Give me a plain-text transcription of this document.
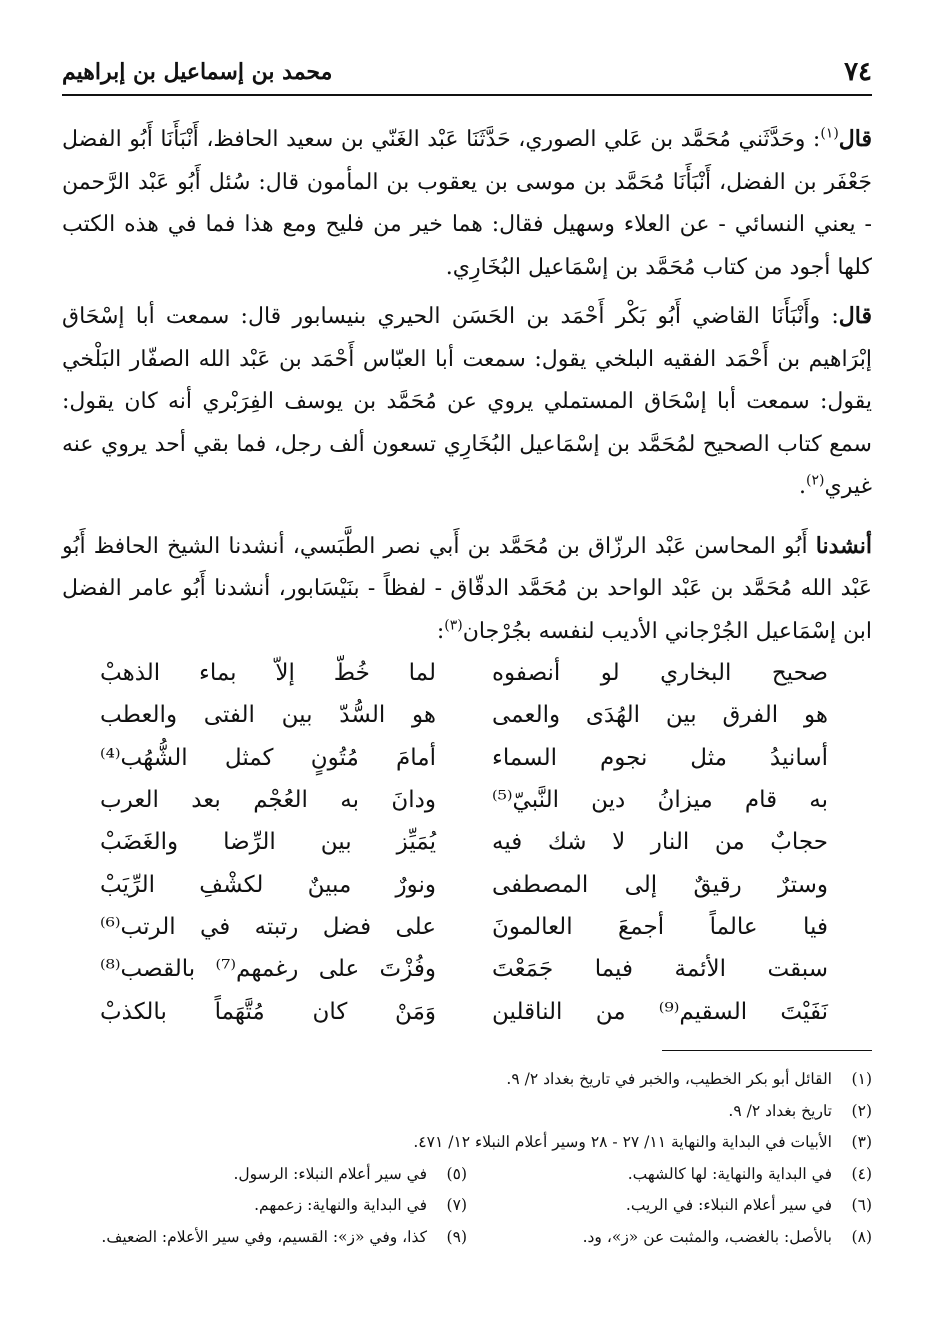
٧٤
محمد بن إسماعيل بن إبراهيم

قال$^{(١)}$: وحَدَّثَني مُحَمَّد بن عَلي الصوري، حَدَّثَنَا عَبْد الغَنّي بن سعيد الحافظ، أَنْبَأَنَا أَبُو الفضل جَعْفَر بن الفضل، أَنْبَأَنَا مُحَمَّد بن موسى بن يعقوب بن المأمون قال: سُئل أَبُو عَبْد الرَّحمن - يعني النسائي - عن العلاء وسهيل فقال: هما خير من فليح ومع هذا فما في هذه الكتب كلها أجود من كتاب مُحَمَّد بن إسْمَاعيل البُخَارِي.

قال: وأَنْبَأَنَا القاضي أَبُو بَكْر أَحْمَد بن الحَسَن الحيري بنيسابور قال: سمعت أبا إسْحَاق إبْرَاهيم بن أَحْمَد الفقيه البلخي يقول: سمعت أبا العبّاس أَحْمَد بن عَبْد الله الصفّار البَلْخي يقول: سمعت أبا إسْحَاق المستملي يروي عن مُحَمَّد بن يوسف الفِرَبْري أنه كان يقول: سمع كتاب الصحيح لمُحَمَّد بن إسْمَاعيل البُخَارِي تسعون ألف رجل، فما بقي أحد يروي عنه غيري$^{(٢)}$.

أنشدنا أَبُو المحاسن عَبْد الرزّاق بن مُحَمَّد بن أَبي نصر الطَّبَسي، أنشدنا الشيخ الحافظ أَبُو عَبْد الله مُحَمَّد بن عَبْد الواحد بن مُحَمَّد الدقّاق - لفظاً - بنَيْسَابور، أنشدنا أَبُو عامر الفضل ابن إسْمَاعيل الجُرْجاني الأديب لنفسه بجُرْجان$^{(٣)}$:

صحيح البخاري لو أنصفوه
لما خُطّ إلاّ بماء الذهبْ
هو الفرق بين الهُدَى والعمى
هو السُّدّ بين الفتى والعطب
أسانيدُ مثل نجوم السماء
أمامَ مُتُونٍ كمثل الشُّهُب⁽⁴⁾
به قام ميزانُ دين النَّبيّ⁽⁵⁾
ودانَ به العُجْم بعد العرب
حجابٌ من النار لا شك فيه
يُمَيِّز بين الرِّضا والغَضَبْ
وسترٌ رقيقٌ إلى المصطفى
ونورٌ مبينٌ لكشْفِ الرِّيَبْ
فيا عالماً أجمعَ العالمونَ
على فضل رتبته في الرتب⁽⁶⁾
سبقت الأئمة فيما جَمَعْتَ
وفُزْتَ على رغمهم⁽⁷⁾ بالقصب⁽⁸⁾
نَفَيْتَ السقيم⁽⁹⁾ من الناقلين
وَمَنْ كان مُتَّهَماً بالكذبْ
(١)
القائل أبو بكر الخطيب، والخبر في تاريخ بغداد ٢/ ٩.
(٢)
تاريخ بغداد ٢/ ٩.
(٣)
الأبيات في البداية والنهاية ١١/ ٢٧ - ٢٨ وسير أعلام النبلاء ١٢/ ٤٧١.
(٤)
في البداية والنهاية: لها كالشهب.
(٥)
في سير أعلام النبلاء: الرسول.
(٦)
في سير أعلام النبلاء: في الريب.
(٧)
في البداية والنهاية: زعمهم.
(٨)
بالأصل: بالغضب، والمثبت عن «ز»، ود.
(٩)
كذا، وفي «ز»: القسيم، وفي سير الأعلام: الضعيف.
